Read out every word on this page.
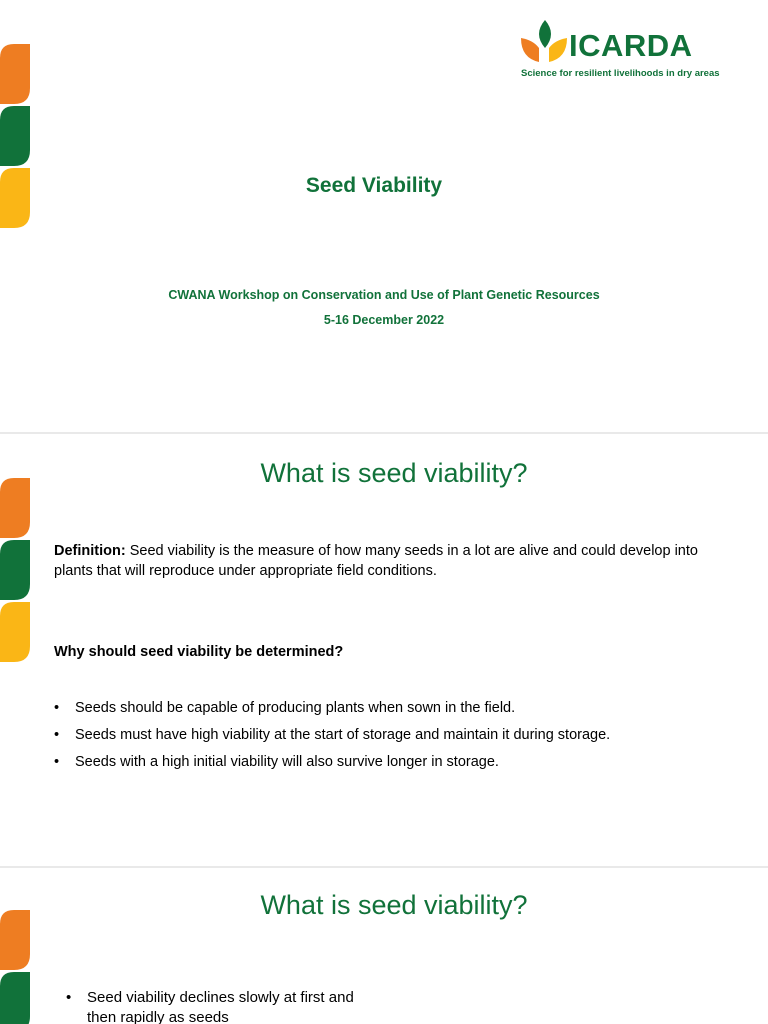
ICARDA
Science for resilient livelihoods in dry areas
Seed Viability
CWANA Workshop on Conservation and Use of Plant Genetic Resources
5-16 December 2022
What is seed viability?
Definition: Seed viability is the measure of how many seeds in a lot are alive and could develop into plants that will reproduce under appropriate field conditions.
Why should seed viability be determined?
• Seeds should be capable of producing plants when sown in the field.
• Seeds must have high viability at the start of storage and maintain it during storage.
• Seeds with a high initial viability will also survive longer in storage.
What is seed viability?
• Seed viability declines slowly at first and then rapidly as seeds
